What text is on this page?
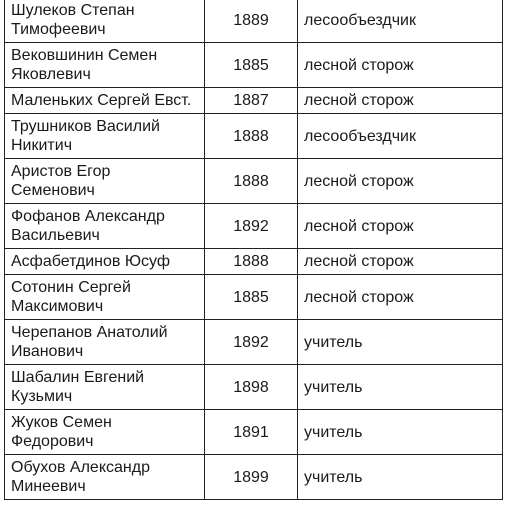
Шулеков Степан Тимофеевич	1889	лесообъездчик
Вековшинин Семен Яковлевич	1885	лесной сторож
Маленьких Сергей Евст.	1887	лесной сторож
Трушников Василий Никитич	1888	лесообъездчик
Аристов Егор Семенович	1888	лесной сторож
Фофанов Александр Васильевич	1892	лесной сторож
Асфабетдинов Юсуф	1888	лесной сторож
Сотонин Сергей Максимович	1885	лесной сторож
Черепанов Анатолий Иванович	1892	учитель
Шабалин Евгений Кузьмич	1898	учитель
Жуков Семен Федорович	1891	учитель
Обухов Александр Минеевич	1899	учитель
